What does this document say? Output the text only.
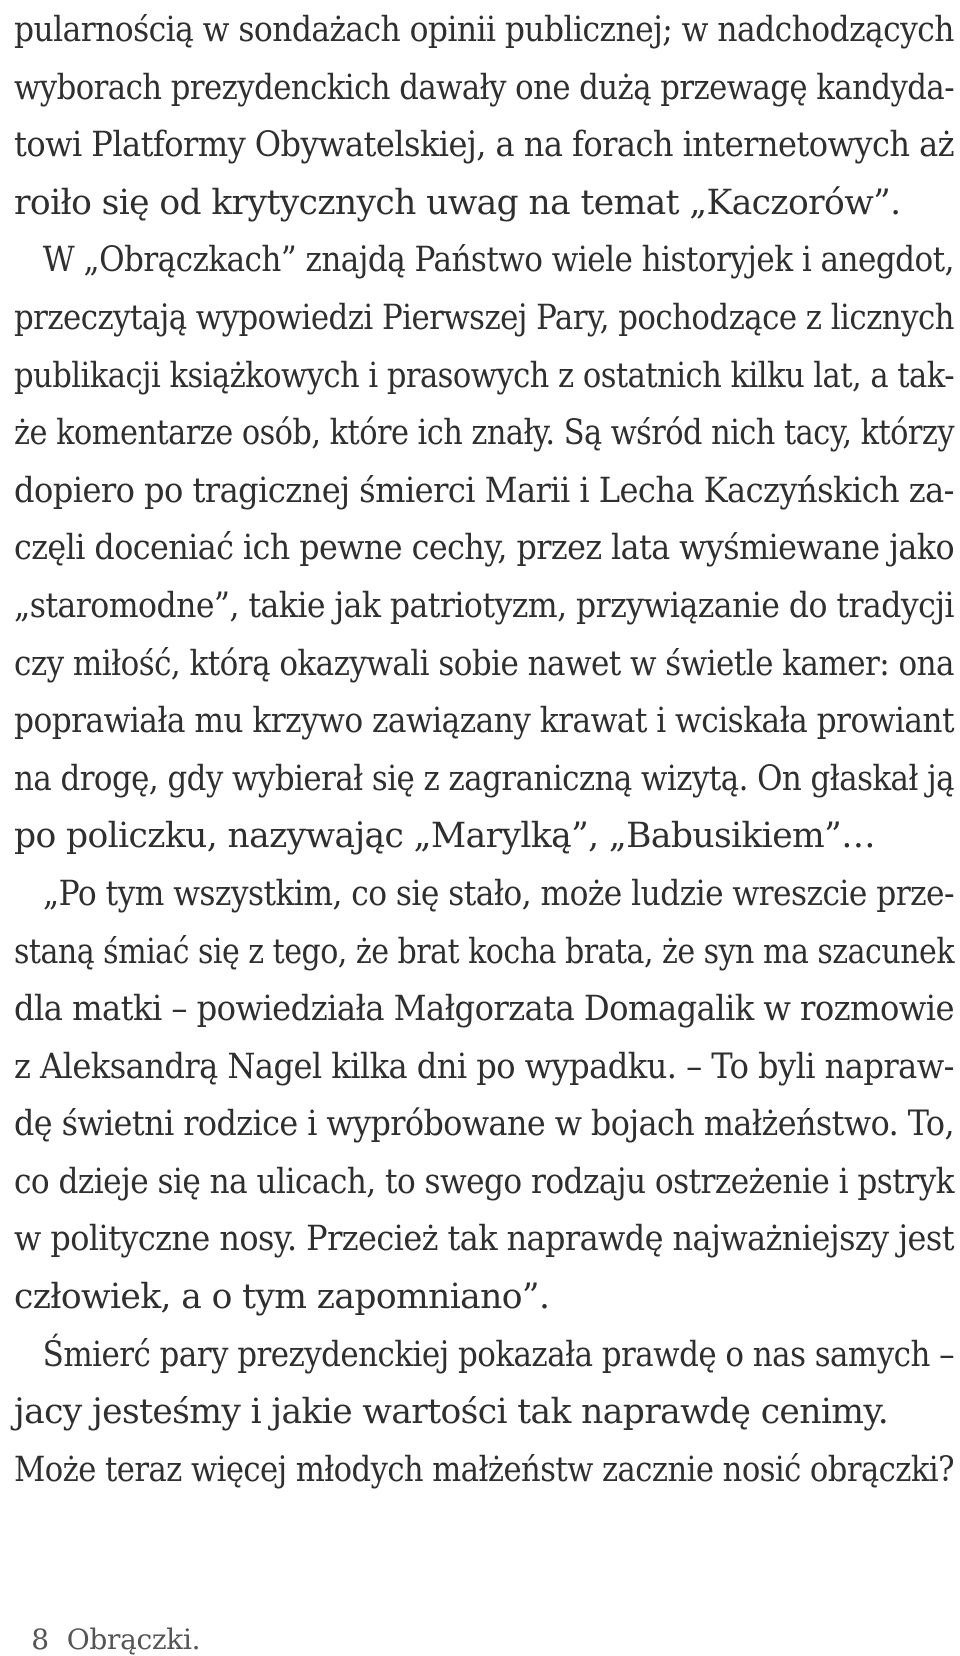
pularnością w sondażach opinii publicznej; w nadchodzących
wyborach prezydenckich dawały one dużą przewagę kandyda-
towi Platformy Obywatelskiej, a na forach internetowych aż
roiło się od krytycznych uwag na temat „Kaczorów”.
W „Obrączkach” znajdą Państwo wiele historyjek i anegdot,
przeczytają wypowiedzi Pierwszej Pary, pochodzące z licznych
publikacji książkowych i prasowych z ostatnich kilku lat, a tak-
że komentarze osób, które ich znały. Są wśród nich tacy, którzy
dopiero po tragicznej śmierci Marii i Lecha Kaczyńskich za-
częli doceniać ich pewne cechy, przez lata wyśmiewane jako
„staromodne”, takie jak patriotyzm, przywiązanie do tradycji
czy miłość, którą okazywali sobie nawet w świetle kamer: ona
poprawiała mu krzywo zawiązany krawat i wciskała prowiant
na drogę, gdy wybierał się z zagraniczną wizytą. On głaskał ją
po policzku, nazywając „Marylką”, „Babusikiem”…
„Po tym wszystkim, co się stało, może ludzie wreszcie prze-
staną śmiać się z tego, że brat kocha brata, że syn ma szacunek
dla matki – powiedziała Małgorzata Domagalik w rozmowie
z Aleksandrą Nagel kilka dni po wypadku. – To byli napraw-
dę świetni rodzice i wypróbowane w bojach małżeństwo. To,
co dzieje się na ulicach, to swego rodzaju ostrzeżenie i pstryk
w polityczne nosy. Przecież tak naprawdę najważniejszy jest
człowiek, a o tym zapomniano”.
Śmierć pary prezydenckiej pokazała prawdę o nas samych –
jacy jesteśmy i jakie wartości tak naprawdę cenimy.
Może teraz więcej młodych małżeństw zacznie nosić obrączki?

8 Obrączki.
